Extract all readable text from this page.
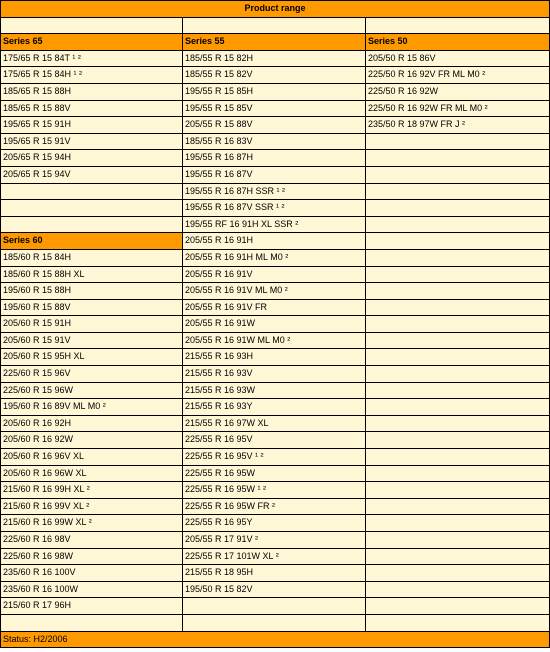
Product range		

Series 65	Series 55	Series 50
175/65 R 15 84T ¹ ²	185/55 R 15 82H	205/50 R 15 86V
175/65 R 15 84H ¹ ²	185/55 R 15 82V	225/50 R 16 92V FR ML M0 ²
185/65 R 15 88H	195/55 R 15 85H	225/50 R 16 92W
185/65 R 15 88V	195/55 R 15 85V	225/50 R 16 92W FR ML M0 ²
195/65 R 15 91H	205/55 R 15 88V	235/50 R 18 97W FR J ²
195/65 R 15 91V	185/55 R 16 83V	
205/65 R 15 94H	195/55 R 16 87H	
205/65 R 15 94V	195/55 R 16 87V	
	195/55 R 16 87H SSR ¹ ²	
	195/55 R 16 87V SSR ¹ ²	
	195/55 RF 16 91H XL SSR ²	
Series 60	205/55 R 16 91H	
185/60 R 15 84H	205/55 R 16 91H ML M0 ²	
185/60 R 15 88H XL	205/55 R 16 91V	
195/60 R 15 88H	205/55 R 16 91V ML M0 ²	
195/60 R 15 88V	205/55 R 16 91V FR	
205/60 R 15 91H	205/55 R 16 91W	
205/60 R 15 91V	205/55 R 16 91W ML M0 ²	
205/60 R 15 95H XL	215/55 R 16 93H	
225/60 R 15 96V	215/55 R 16 93V	
225/60 R 15 96W	215/55 R 16 93W	
195/60 R 16 89V ML M0 ²	215/55 R 16 93Y	
205/60 R 16 92H	215/55 R 16 97W XL	
205/60 R 16 92W	225/55 R 16 95V	
205/60 R 16 96V XL	225/55 R 16 95V ¹ ²	
205/60 R 16 96W XL	225/55 R 16 95W	
215/60 R 16 99H XL ²	225/55 R 16 95W ¹ ²	
215/60 R 16 99V XL ²	225/55 R 16 95W FR ²	
215/60 R 16 99W XL ²	225/55 R 16 95Y	
225/60 R 16 98V	205/55 R 17 91V ²	
225/60 R 16 98W	225/55 R 17 101W XL ²	
235/60 R 16 100V	215/55 R 18 95H	
235/60 R 16 100W	195/50 R 15 82V	
215/60 R 17 96H		

Status: H2/2006		
